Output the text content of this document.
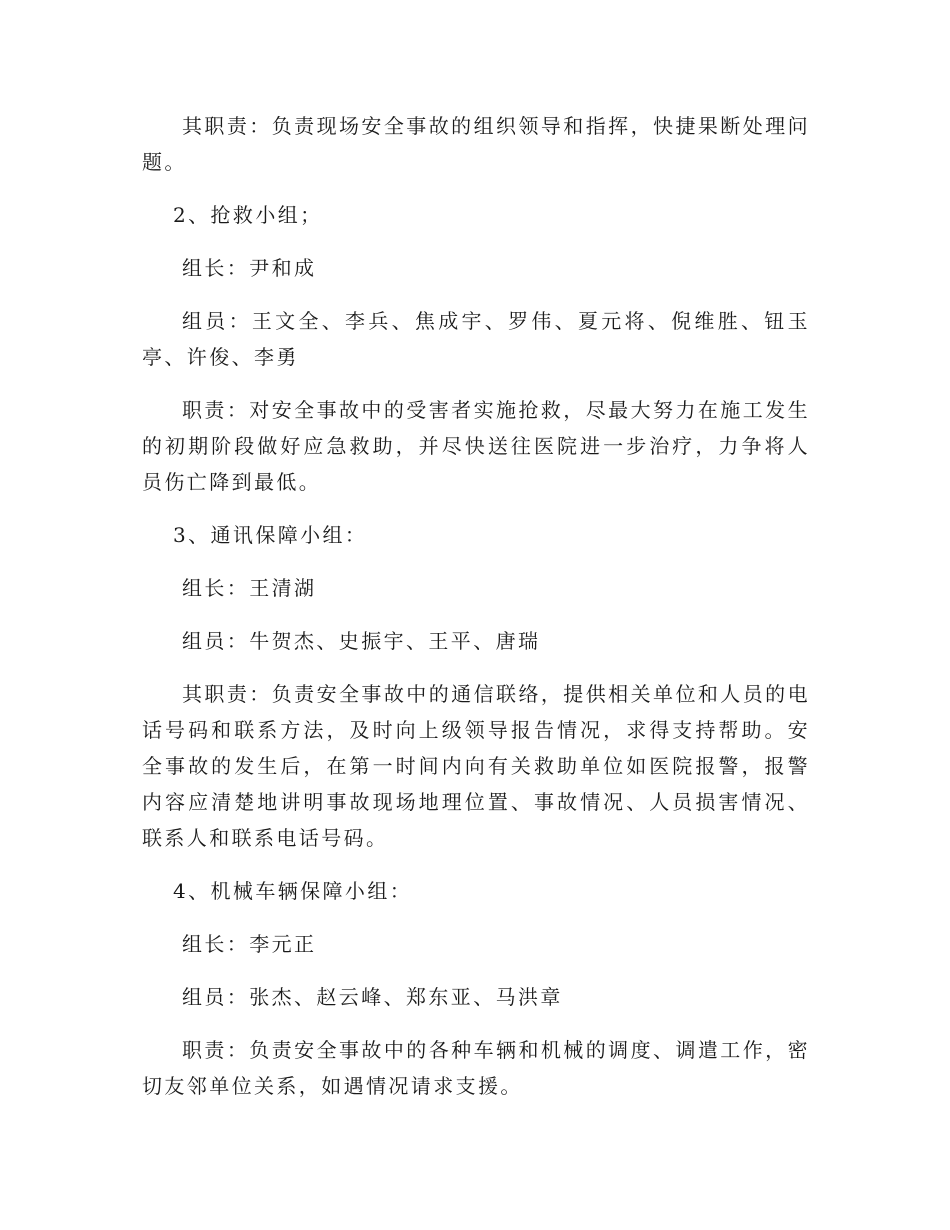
其职责：负责现场安全事故的组织领导和指挥，快捷果断处理问题。

2、抢救小组；

组长：尹和成

组员：王文全、李兵、焦成宇、罗伟、夏元将、倪维胜、钮玉亭、许俊、李勇

职责：对安全事故中的受害者实施抢救，尽最大努力在施工发生的初期阶段做好应急救助，并尽快送往医院进一步治疗，力争将人员伤亡降到最低。

3、通讯保障小组：

组长：王清湖

组员：牛贺杰、史振宇、王平、唐瑞

其职责：负责安全事故中的通信联络，提供相关单位和人员的电话号码和联系方法，及时向上级领导报告情况，求得支持帮助。安全事故的发生后，在第一时间内向有关救助单位如医院报警，报警内容应清楚地讲明事故现场地理位置、事故情况、人员损害情况、联系人和联系电话号码。

4、机械车辆保障小组：

组长：李元正

组员：张杰、赵云峰、郑东亚、马洪章

职责：负责安全事故中的各种车辆和机械的调度、调遣工作，密切友邻单位关系，如遇情况请求支援。
